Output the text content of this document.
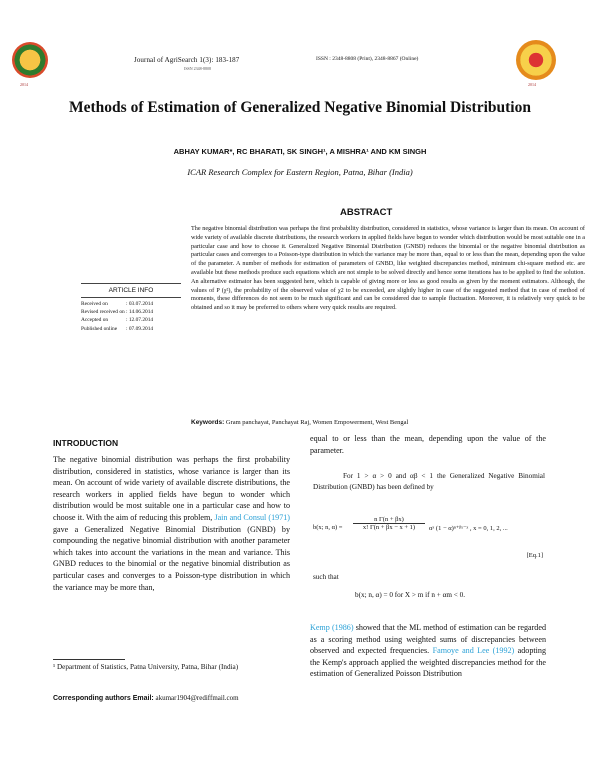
2014	2014
Journal of AgriSearch 1(3): 183-187
ISSN 2348-8808
ISSN : 2348-8808 (Print), 2348-8867 (Online)
Methods of Estimation of Generalized Negative Binomial Distribution
ABHAY KUMAR*, RC BHARATI, SK SINGH¹, A MISHRA¹ AND KM SINGH
ICAR Research Complex for Eastern Region, Patna, Bihar (India)
ABSTRACT
The negative binomial distribution was perhaps the first probability distribution, considered in statistics, whose variance is larger than its mean. On account of wide variety of available discrete distributions, the research workers in applied fields have begun to wonder which distribution would be most suitable one in a particular case and how to choose it. Generalized Negative Binomial Distribution (GNBD) reduces the binomial or the negative binomial distribution as particular cases and converges to a Poisson-type distribution in which the variance may be more than, equal to or less than the mean, depending upon the value of the parameter. A number of methods for estimation of parameters of GNBD, like weighted discrepancies method, minimum chi-square method etc. are available but these methods produce such equations which are not simple to be solved directly and hence some iterations has to be applied to find the solution. An alternative estimator has been suggested here, which is capable of giving more or less as good results as given by the moment estimators. Although, the values of P (χ²), the probability of the observed value of χ2 to be exceeded, are slightly higher in case of the suggested method that in case of method of moments, these differences do not seem to be much significant and can be considered due to sample fluctuation. Moreover, it is relatively very quick to be obtained and so it may be preferred to others where very quick results are required.
ARTICLE INFO
Received on	: 03.07.2014
Revised received on : 14.06.2014
Accepted on	: 12.07.2014
Published online	: 07.09.2014
Keywords: Gram panchayat, Panchayat Raj, Women Empowerment, West Bengal
INTRODUCTION
The negative binomial distribution was perhaps the first probability distribution, considered in statistics, whose variance is larger than its mean. On account of wide variety of available discrete distributions, the research workers in applied fields have begun to wonder which distribution would be most suitable one in a particular case and how to choose it. With the aim of reducing this problem, Jain and Consul (1971) gave a Generalized Negative Binomial Distribution (GNBD) by compounding the negative binomial distribution with another parameter which takes into account the variations in the mean and variance. This GNBD reduces to the binomial or the negative binomial distribution as particular cases and converges to a Poisson-type distribution in which the variance may be more than,
equal to or less than the mean, depending upon the value of the parameter.
For 1 > α > 0 and αβ < 1 the Generalized Negative Binomial Distribution (GNBD) has been defined by
b(x; n, $\alpha) = \frac{\text{n Γ(n + βx)}}{x! \Gamma(n + \beta x - x + 1)}$ αˣ (1 − α)ⁿ⁺ᵝˣ⁻ˣ , x = 0, 1, 2, ...
[Eq.1]
such that
b(x; n, α) = 0 for X > m if n + αm < 0.
Kemp (1986) showed that the ML method of estimation can be regarded as a scoring method using weighted sums of discrepancies between observed and expected frequencies. Famoye and Lee (1992) adopting the Kemp's approach applied the weighted discrepancies method for the estimation of Generalized Poisson Distribution
¹ Department of Statistics, Patna University, Patna, Bihar (India)
Corresponding authors Email: akumar1904@rediffmail.com
